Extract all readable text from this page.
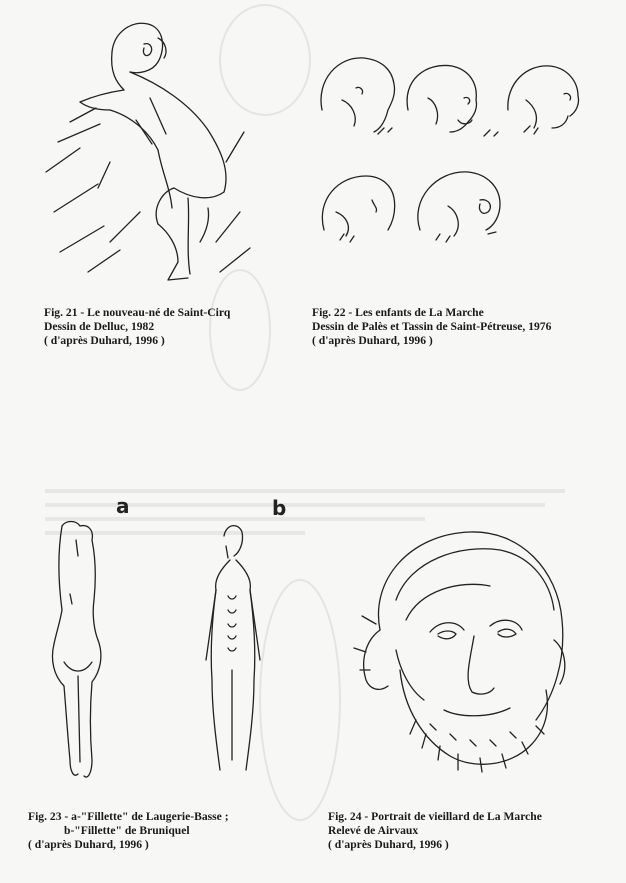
Fig. 21 - Le nouveau-né de Saint-Cirq
Dessin de Delluc, 1982
( d'après Duhard, 1996 )
Fig. 22 - Les enfants de La Marche
Dessin de Palès et Tassin de Saint-Pétreuse, 1976
( d'après Duhard, 1996 )
a	b
Fig. 23 - a-"Fillette" de Laugerie-Basse ;
b-"Fillette" de Bruniquel
( d'après Duhard, 1996 )
Fig. 24 - Portrait de vieillard de La Marche
Relevé de Airvaux
( d'après Duhard, 1996 )
